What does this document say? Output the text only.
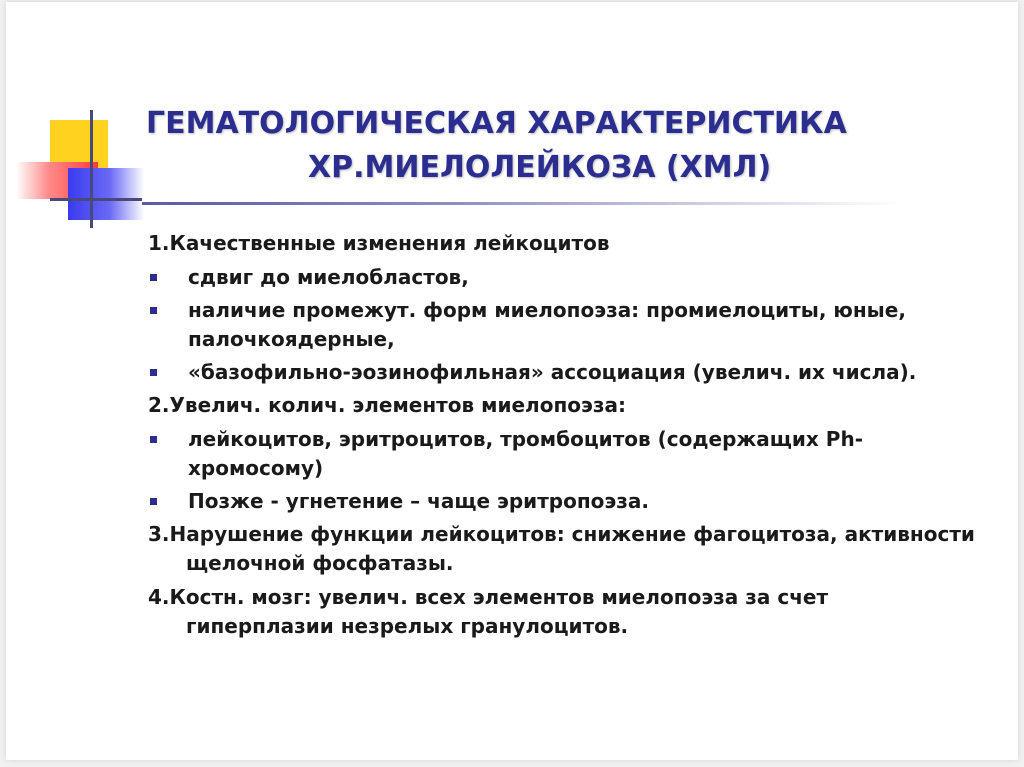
ГЕМАТОЛОГИЧЕСКАЯ ХАРАКТЕРИСТИКА
ХР.МИЕЛОЛЕЙКОЗА (ХМЛ)

1.Качественные изменения лейкоцитов

сдвиг до миелобластов,
наличие промежут. форм миелопоэза: промиелоциты, юные, палочкоядерные,
«базофильно-эозинофильная» ассоциация (увелич. их числа).

2.Увелич. колич. элементов миелопоэза:

лейкоцитов, эритроцитов, тромбоцитов (содержащих Ph-хромосому)
Позже - угнетение – чаще эритропоэза.

3.Нарушение функции лейкоцитов: снижение фагоцитоза, активности щелочной фосфатазы.

4.Костн. мозг: увелич. всех элементов миелопоэза за счет гиперплазии незрелых гранулоцитов.
